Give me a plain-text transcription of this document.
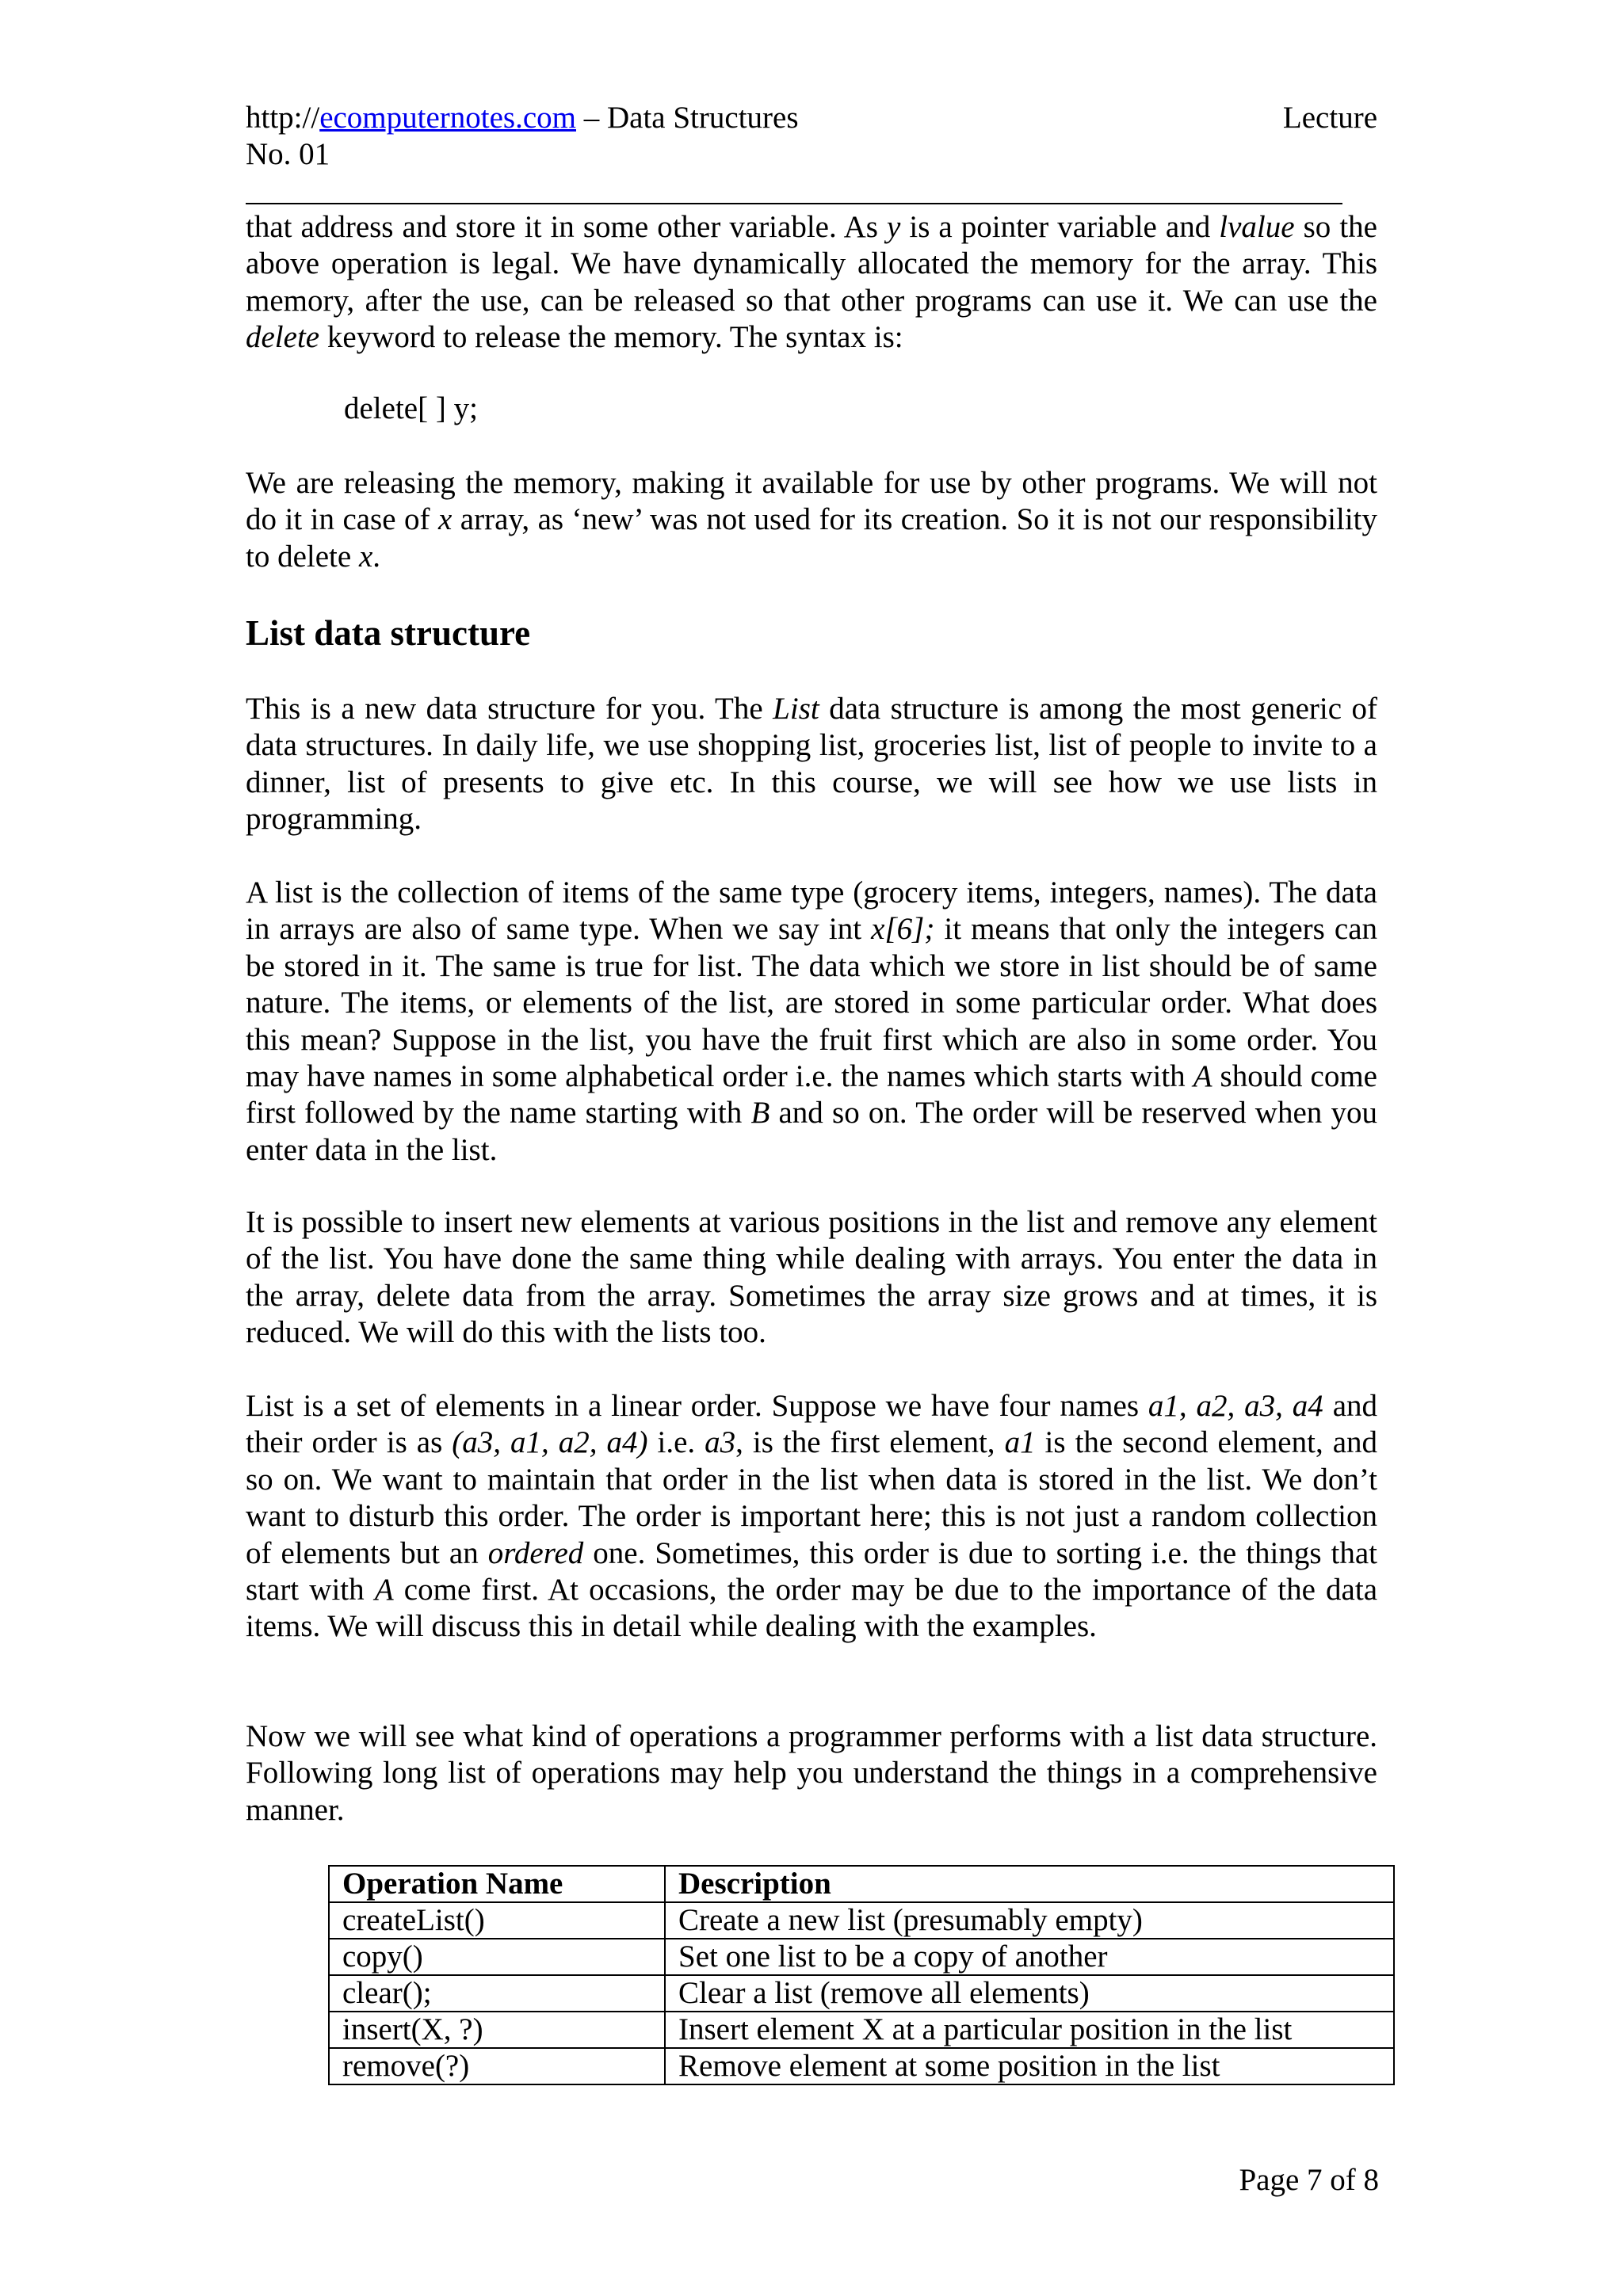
http://ecomputernotes.com – Data Structures	Lecture
No. 01

that address and store it in some other variable. As y is a pointer variable and lvalue so the above operation is legal. We have dynamically allocated the memory for the array. This memory, after the use, can be released so that other programs can use it. We can use the delete keyword to release the memory. The syntax is:

delete[ ] y;

We are releasing the memory, making it available for use by other programs. We will not do it in case of x array, as ‘new’ was not used for its creation. So it is not our responsibility to delete x.

List data structure

This is a new data structure for you. The List data structure is among the most generic of data structures. In daily life, we use shopping list, groceries list, list of people to invite to a dinner, list of presents to give etc. In this course, we will see how we use lists in programming.

A list is the collection of items of the same type (grocery items, integers, names). The data in arrays are also of same type. When we say int x[6]; it means that only the integers can be stored in it. The same is true for list. The data which we store in list should be of same nature. The items, or elements of the list, are stored in some particular order. What does this mean? Suppose in the list, you have the fruit first which are also in some order. You may have names in some alphabetical order i.e. the names which starts with A should come first followed by the name starting with B and so on. The order will be reserved when you enter data in the list.

It is possible to insert new elements at various positions in the list and remove any element of the list. You have done the same thing while dealing with arrays. You enter the data in the array, delete data from the array. Sometimes the array size grows and at times, it is reduced. We will do this with the lists too.

List is a set of elements in a linear order. Suppose we have four names a1, a2, a3, a4 and their order is as (a3, a1, a2, a4) i.e. a3, is the first element, a1 is the second element, and so on. We want to maintain that order in the list when data is stored in the list. We don’t want to disturb this order. The order is important here; this is not just a random collection of elements but an ordered one. Sometimes, this order is due to sorting i.e. the things that start with A come first. At occasions, the order may be due to the importance of the data items. We will discuss this in detail while dealing with the examples.

Now we will see what kind of operations a programmer performs with a list data structure. Following long list of operations may help you understand the things in a comprehensive manner.

Operation Name	Description
createList()	Create a new list (presumably empty)
copy()	Set one list to be a copy of another
clear();	Clear a list (remove all elements)
insert(X, ?)	Insert element X at a particular position in the list
remove(?)	Remove element at some position in the list
Page 7 of 8
